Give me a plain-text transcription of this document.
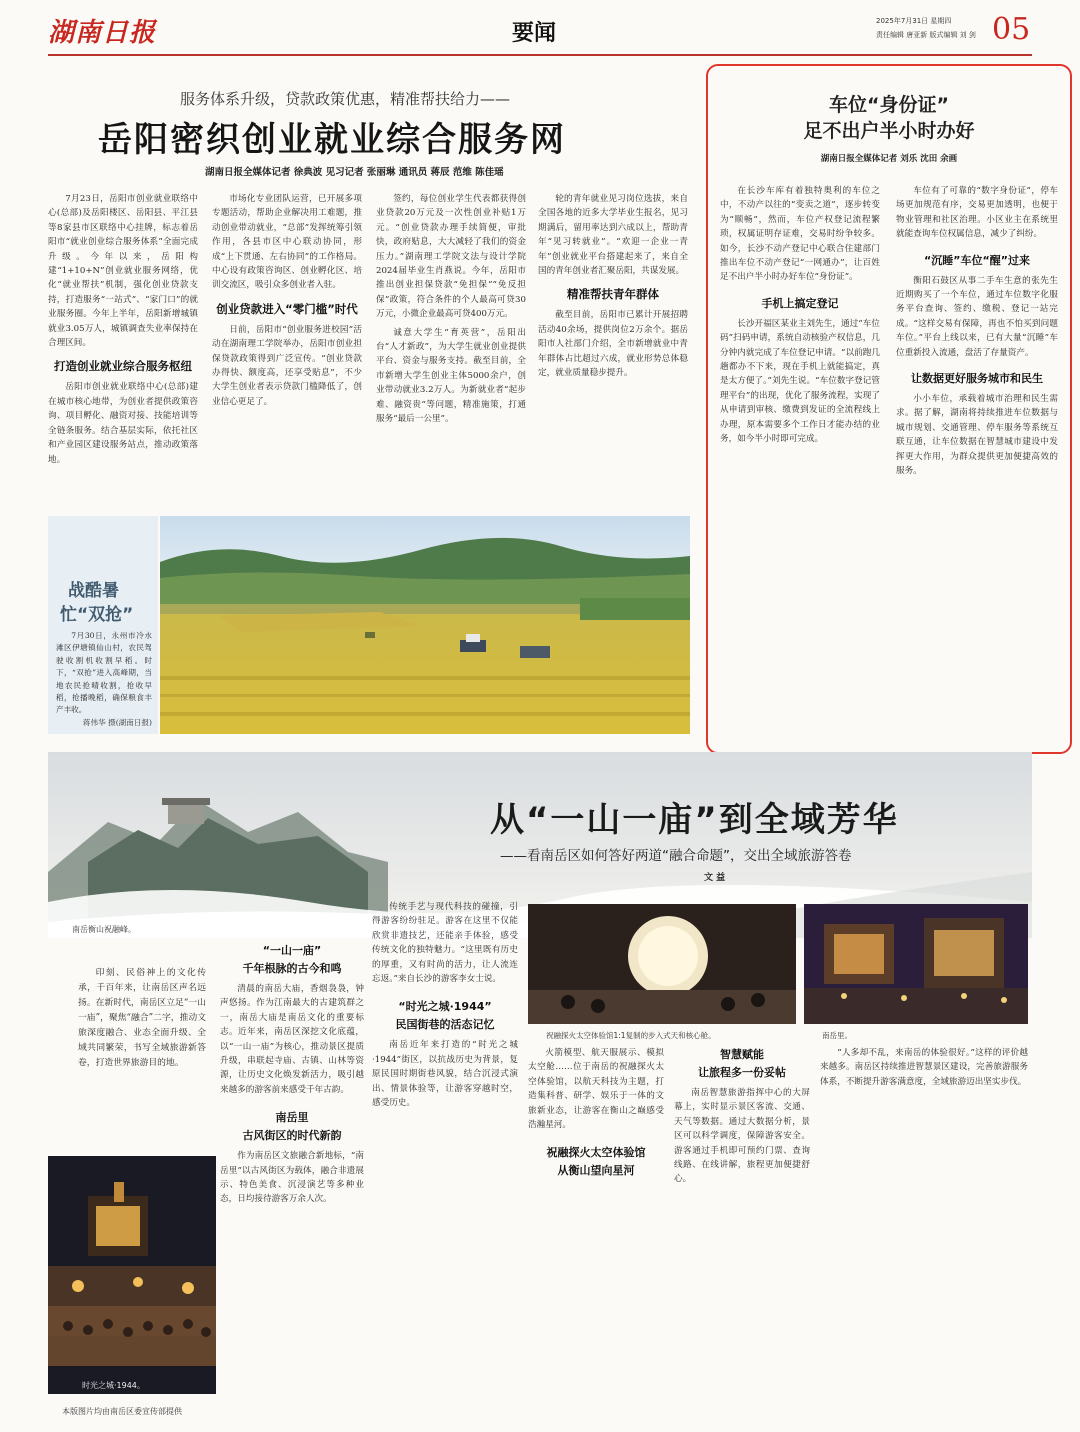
湖南日报	要闻	2025年7月31日 星期四
责任编辑 唐亚新 版式编辑 刘 剑 05
服务体系升级，贷款政策优惠，精准帮扶给力——
岳阳密织创业就业综合服务网
湖南日报全媒体记者 徐典波 见习记者 张丽琳 通讯员 蒋辰 范维 陈佳瑶

7月23日，岳阳市创业就业联络中心(总部)及岳阳楼区、岳阳县、平江县等8家县市区联络中心挂牌，标志着岳阳市“就业创业综合服务体系”全面完成升级。今年以来，岳阳构建“1+10+N”创业就业服务网络，优化“就业帮扶”机制，强化创业贷款支持，打造服务“一站式”、“家门口”的就业服务圈。今年上半年，岳阳新增城镇就业3.05万人，城镇调查失业率保持在合理区间。

打造创业就业综合服务枢纽

岳阳市创业就业联络中心(总部)建在城市核心地带，为创业者提供政策咨询、项目孵化、融资对接、技能培训等全链条服务。结合基层实际，依托社区和产业园区建设服务站点，推动政策落地。

市场化专业团队运营，已开展多项专题活动，帮助企业解决用工难题，推动创业带动就业，“总部”发挥统筹引领作用，各县市区中心联动协同，形成“上下贯通、左右协同”的工作格局。中心设有政策咨询区、创业孵化区、培训交流区，吸引众多创业者入驻。

创业贷款进入“零门槛”时代

日前，岳阳市“创业服务进校园”活动在湖南理工学院举办，岳阳市创业担保贷款政策得到广泛宣传。“创业贷款办得快、额度高，还享受贴息”，不少大学生创业者表示贷款门槛降低了，创业信心更足了。

签约，每位创业学生代表都获得创业贷款20万元及一次性创业补贴1万元。“创业贷款办理手续简便，审批快，政府贴息，大大减轻了我们的资金压力。”湖南理工学院文法与设计学院2024届毕业生肖燕说。今年，岳阳市推出创业担保贷款“免担保”“免反担保”政策，符合条件的个人最高可贷30万元，小微企业最高可贷400万元。

诚意大学生“育英营”，岳阳出台“人才新政”，为大学生就业创业提供平台、资金与服务支持。截至目前，全市新增大学生创业主体5000余户，创业带动就业3.2万人。为新就业者“起步难、融资贵”等问题，精准施策，打通服务“最后一公里”。

轮的青年就业见习岗位选拔，来自全国各地的近多大学毕业生报名，见习期满后，留用率达到六成以上，帮助青年“见习转就业”。“欢迎一企业一青年”创业就业平台搭建起来了，来自全国的青年创业者汇聚岳阳，共谋发展。

精准帮扶青年群体

截至目前，岳阳市已累计开展招聘活动40余场，提供岗位2万余个。据岳阳市人社部门介绍，全市新增就业中青年群体占比超过六成，就业形势总体稳定，就业质量稳步提升。

战酷暑
忙“双抢”

7月30日，永州市冷水滩区伊塘镇仙山村，农民驾驶收割机收割早稻。时下，“双抢”进入高峰期，当地农民抢晴收割，抢收早稻，抢播晚稻，确保粮食丰产丰收。

蒋伟华 摄(湖南日报)

车位“身份证”
足不出户半小时办好
湖南日报全媒体记者 刘乐 沈田 余画

在长沙车库有着独特奥利的车位之中，不动产以往的“变卖之道”，逐步转变为“顺畅”，然而，车位产权登记流程繁琐，权属证明存证难，交易时纷争较多。如今，长沙不动产登记中心联合住建部门推出车位不动产登记“一网通办”，让百姓足不出户半小时办好车位“身份证”。

手机上搞定登记

长沙开福区某业主刘先生，通过“车位码”扫码申请，系统自动核验产权信息，几分钟内就完成了车位登记申请。“以前跑几趟都办不下来，现在手机上就能搞定，真是太方便了。”刘先生说。“车位数字登记管理平台”的出现，优化了服务流程，实现了从申请到审核、缴费到发证的全流程线上办理，原本需要多个工作日才能办结的业务，如今半小时即可完成。

车位有了可靠的“数字身份证”，停车场更加规范有序，交易更加透明，也便于物业管理和社区治理。小区业主在系统里就能查询车位权属信息，减少了纠纷。

“沉睡”车位“醒”过来

衡阳石鼓区从事二手车生意的张先生近期购买了一个车位，通过车位数字化服务平台查询、签约、缴税、登记一站完成。“这样交易有保障，再也不怕买到问题车位。”平台上线以来，已有大量“沉睡”车位重新投入流通，盘活了存量资产。

让数据更好服务城市和民生

小小车位，承载着城市治理和民生需求。据了解，湖南将持续推进车位数据与城市规划、交通管理、停车服务等系统互联互通，让车位数据在智慧城市建设中发挥更大作用，为群众提供更加便捷高效的服务。

从“一山一庙”到全域芳华
——看南岳区如何答好两道“融合命题”，交出全域旅游答卷
文 益
南岳衡山祝融峰。

印刻、民俗神上的文化传承，千百年来，让南岳区声名远扬。在新时代，南岳区立足“一山一庙”，聚焦“融合”二字，推动文旅深度融合、业态全面升级、全域共同繁荣，书写全域旅游新答卷，打造世界旅游目的地。

时光之城·1944。
本版图片均由南岳区委宣传部提供
“一山一庙”
千年根脉的古今和鸣

清晨的南岳大庙，香烟袅袅，钟声悠扬。作为江南最大的古建筑群之一，南岳大庙是南岳文化的重要标志。近年来，南岳区深挖文化底蕴，以“一山一庙”为核心，推动景区提质升级，串联起寺庙、古镇、山林等资源，让历史文化焕发新活力，吸引越来越多的游客前来感受千年古韵。

南岳里
古风街区的时代新韵

作为南岳区文旅融合新地标，“南岳里”以古风街区为载体，融合非遗展示、特色美食、沉浸演艺等多种业态，日均接待游客万余人次。

传统手艺与现代科技的碰撞，引得游客纷纷驻足。游客在这里不仅能欣赏非遗技艺，还能亲手体验，感受传统文化的独特魅力。“这里既有历史的厚重，又有时尚的活力，让人流连忘返。”来自长沙的游客李女士说。

“时光之城·1944”
民国街巷的活态记忆

南岳近年来打造的“时光之城·1944”街区，以抗战历史为背景，复原民国时期街巷风貌，结合沉浸式演出、情景体验等，让游客穿越时空，感受历史。

祝融探火太空体验馆1:1复制的步入式天和核心舱。	南岳里。

火箭模型、航天服展示、模拟太空舱……位于南岳的祝融探火太空体验馆，以航天科技为主题，打造集科普、研学、娱乐于一体的文旅新业态，让游客在衡山之巅感受浩瀚星河。

祝融探火太空体验馆
从衡山望向星河
智慧赋能
让旅程多一份妥帖

南岳智慧旅游指挥中心的大屏幕上，实时显示景区客流、交通、天气等数据。通过大数据分析，景区可以科学调度，保障游客安全。游客通过手机即可预约门票、查询线路、在线讲解，旅程更加便捷舒心。

“人多却不乱，来南岳的体验很好。”这样的评价越来越多。南岳区持续推进智慧景区建设，完善旅游服务体系，不断提升游客满意度，全域旅游迈出坚实步伐。
